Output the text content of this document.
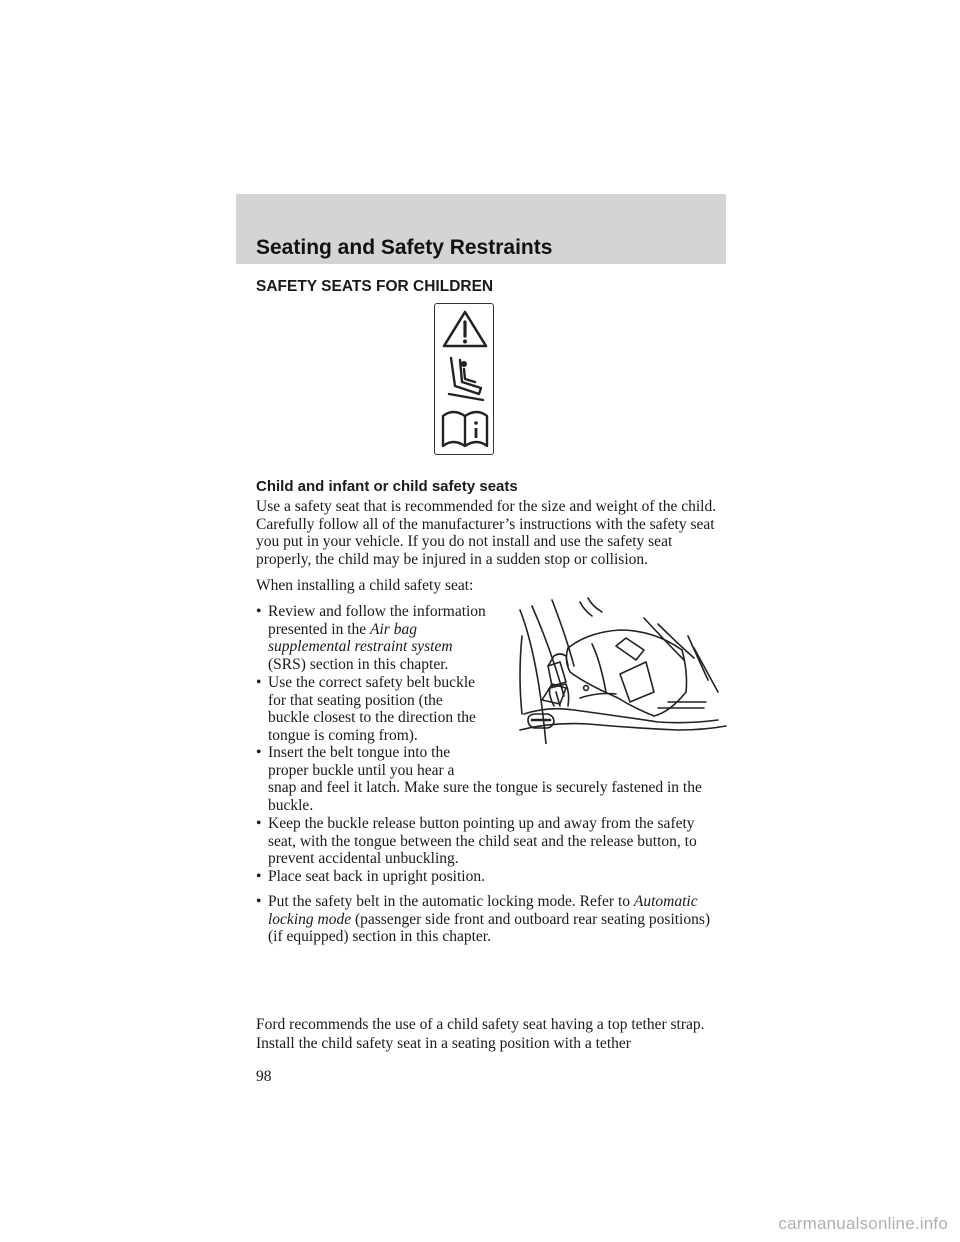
Seating and Safety Restraints
SAFETY SEATS FOR CHILDREN
Child and infant or child safety seats
Use a safety seat that is recommended for the size and weight of the child. Carefully follow all of the manufacturer’s instructions with the safety seat you put in your vehicle. If you do not install and use the safety seat properly, the child may be injured in a sudden stop or collision.
When installing a child safety seat:
• Review and follow the information presented in the Air bag supplemental restraint system (SRS) section in this chapter.
• Use the correct safety belt buckle for that seating position (the buckle closest to the direction the tongue is coming from).
• Insert the belt tongue into the
proper buckle until you hear a
snap and feel it latch. Make sure the tongue is securely fastened in the buckle.
• Keep the buckle release button pointing up and away from the safety seat, with the tongue between the child seat and the release button, to prevent accidental unbuckling.
• Place seat back in upright position.
• Put the safety belt in the automatic locking mode. Refer to Automatic locking mode (passenger side front and outboard rear seating positions) (if equipped) section in this chapter.
Ford recommends the use of a child safety seat having a top tether strap. Install the child safety seat in a seating position with a tether
98
carmanualsonline.info
